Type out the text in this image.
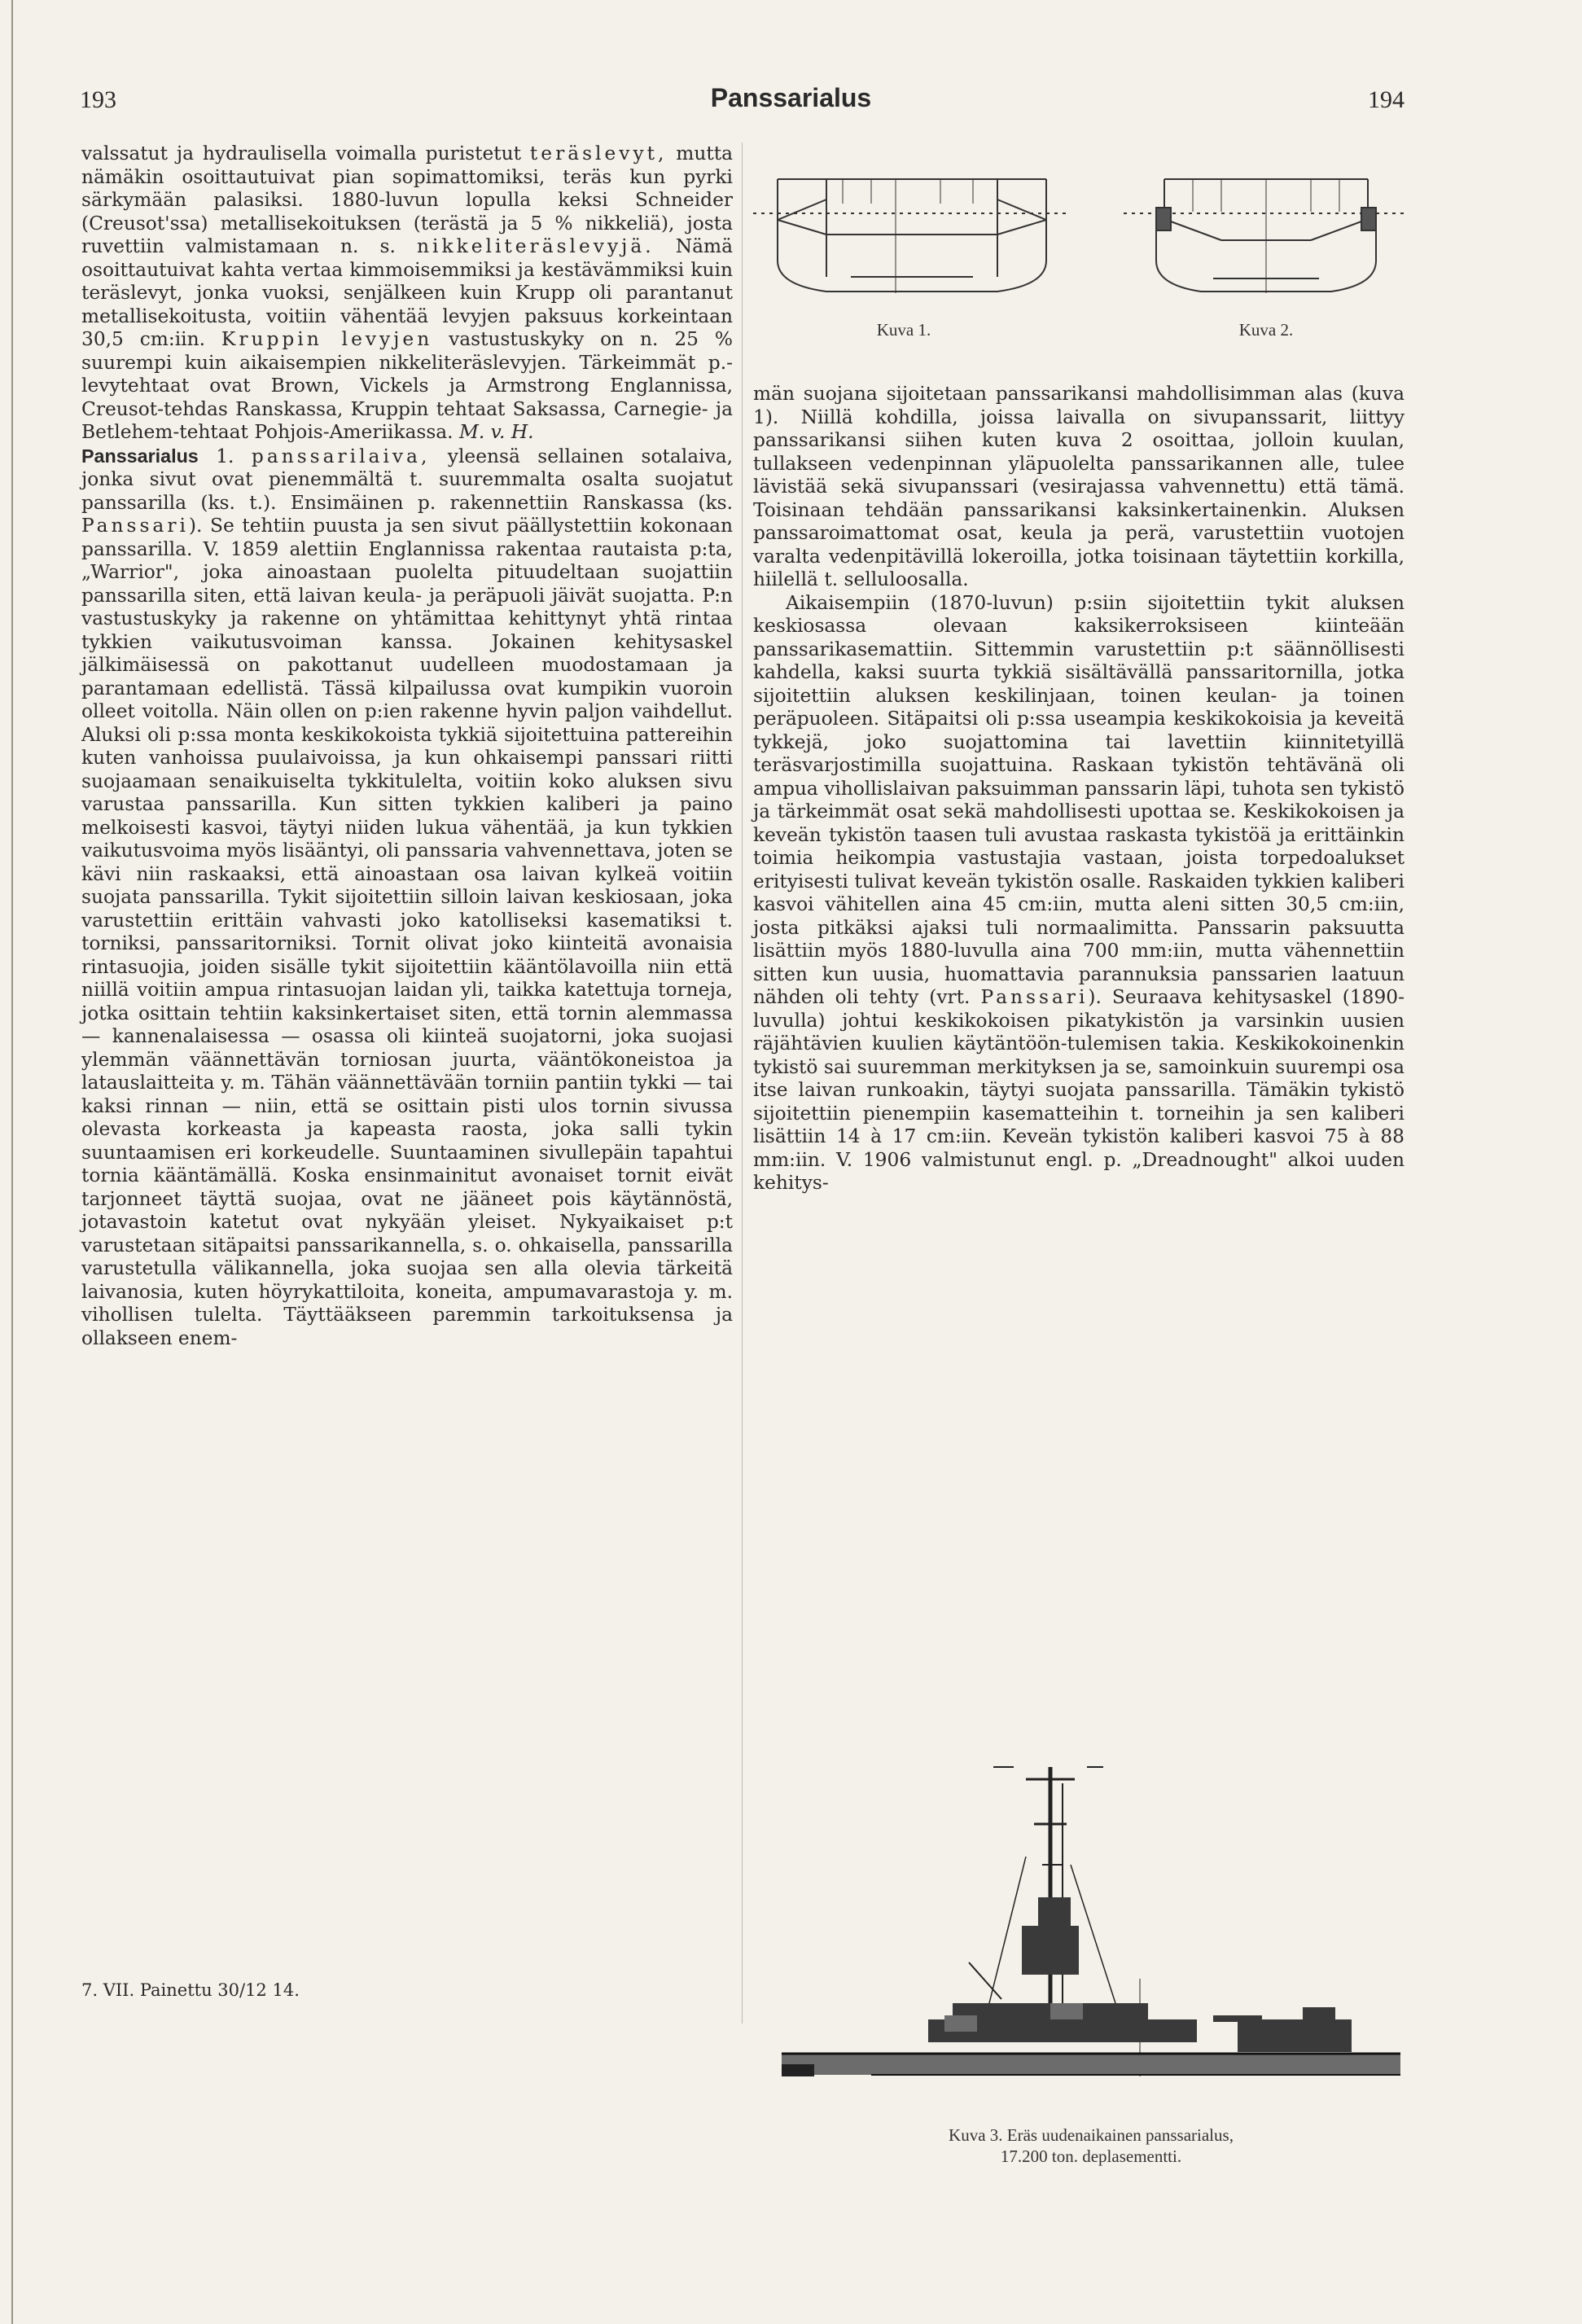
193	Panssarialus	194

valssatut ja hydraulisella voimalla puristetut teräslevyt, mutta nämäkin osoittautuivat pian sopimattomiksi, teräs kun pyrki särkymään palasiksi. 1880-luvun lopulla keksi Schneider (Creusot'ssa) metallisekoituksen (terästä ja 5 % nikkeliä), josta ruvettiin valmistamaan n. s. nikkeliteräslevyjä. Nämä osoittautuivat kahta vertaa kimmoisemmiksi ja kestävämmiksi kuin teräslevyt, jonka vuoksi, senjälkeen kuin Krupp oli parantanut metallisekoitusta, voitiin vähentää levyjen paksuus korkeintaan 30,5 cm:iin. Kruppin levyjen vastustuskyky on n. 25 % suurempi kuin aikaisempien nikkeliteräslevyjen. Tärkeimmät p.-levytehtaat ovat Brown, Vickels ja Armstrong Englannissa, Creusot-tehdas Ranskassa, Kruppin tehtaat Saksassa, Carnegie- ja Betlehem-tehtaat Pohjois-Ameriikassa. M. v. H.

Panssarialus 1. panssarilaiva, yleensä sellainen sotalaiva, jonka sivut ovat pienemmältä t. suuremmalta osalta suojatut panssarilla (ks. t.). Ensimäinen p. rakennettiin Ranskassa (ks. Panssari). Se tehtiin puusta ja sen sivut päällystettiin kokonaan panssarilla. V. 1859 alettiin Englannissa rakentaa rautaista p:ta, „Warrior", joka ainoastaan puolelta pituudeltaan suojattiin panssarilla siten, että laivan keula- ja peräpuoli jäivät suojatta. P:n vastustuskyky ja rakenne on yhtämittaa kehittynyt yhtä rintaa tykkien vaikutusvoiman kanssa. Jokainen kehitysaskel jälkimäisessä on pakottanut uudelleen muodostamaan ja parantamaan edellistä. Tässä kilpailussa ovat kumpikin vuoroin olleet voitolla. Näin ollen on p:ien rakenne hyvin paljon vaihdellut. Aluksi oli p:ssa monta keskikokoista tykkiä sijoitettuina pattereihin kuten vanhoissa puulaivoissa, ja kun ohkaisempi panssari riitti suojaamaan senaikuiselta tykkitulelta, voitiin koko aluksen sivu varustaa panssarilla. Kun sitten tykkien kaliberi ja paino melkoisesti kasvoi, täytyi niiden lukua vähentää, ja kun tykkien vaikutusvoima myös lisääntyi, oli panssaria vahvennettava, joten se kävi niin raskaaksi, että ainoastaan osa laivan kylkeä voitiin suojata panssarilla. Tykit sijoitettiin silloin laivan keskiosaan, joka varustettiin erittäin vahvasti joko katolliseksi kasematiksi t. torniksi, panssaritorniksi. Tornit olivat joko kiinteitä avonaisia rintasuojia, joiden sisälle tykit sijoitettiin kääntölavoilla niin että niillä voitiin ampua rintasuojan laidan yli, taikka katettuja torneja, jotka osittain tehtiin kaksinkertaiset siten, että tornin alemmassa — kannenalaisessa — osassa oli kiinteä suojatorni, joka suojasi ylemmän väännettävän torniosan juurta, vääntökoneistoa ja latauslaitteita y. m. Tähän väännettävään torniin pantiin tykki — tai kaksi rinnan — niin, että se osittain pisti ulos tornin sivussa olevasta korkeasta ja kapeasta raosta, joka salli tykin suuntaamisen eri korkeudelle. Suuntaaminen sivullepäin tapahtui tornia kääntämällä. Koska ensinmainitut avonaiset tornit eivät tarjonneet täyttä suojaa, ovat ne jääneet pois käytännöstä, jotavastoin katetut ovat nykyään yleiset. Nykyaikaiset p:t varustetaan sitäpaitsi panssarikannella, s. o. ohkaisella, panssarilla varustetulla välikannella, joka suojaa sen alla olevia tärkeitä laivanosia, kuten höyrykattiloita, koneita, ampumavarastoja y. m. vihollisen tulelta. Täyttääkseen paremmin tarkoituksensa ja ollakseen enem-

7. VII. Painettu 30/12 14.
Kuva 1.	Kuva 2.

män suojana sijoitetaan panssarikansi mahdollisimman alas (kuva 1). Niillä kohdilla, joissa laivalla on sivupanssarit, liittyy panssarikansi siihen kuten kuva 2 osoittaa, jolloin kuulan, tullakseen vedenpinnan yläpuolelta panssarikannen alle, tulee lävistää sekä sivupanssari (vesirajassa vahvennettu) että tämä. Toisinaan tehdään panssarikansi kaksinkertainenkin. Aluksen panssaroimattomat osat, keula ja perä, varustettiin vuotojen varalta vedenpitävillä lokeroilla, jotka toisinaan täytettiin korkilla, hiilellä t. selluloosalla.

Aikaisempiin (1870-luvun) p:siin sijoitettiin tykit aluksen keskiosassa olevaan kaksikerroksiseen kiinteään panssarikasemattiin. Sittemmin varustettiin p:t säännöllisesti kahdella, kaksi suurta tykkiä sisältävällä panssaritornilla, jotka sijoitettiin aluksen keskilinjaan, toinen keulan- ja toinen peräpuoleen. Sitäpaitsi oli p:ssa useampia keskikokoisia ja keveitä tykkejä, joko suojattomina tai lavettiin kiinnitetyillä teräsvarjostimilla suojattuina. Raskaan tykistön tehtävänä oli ampua vihollislaivan paksuimman panssarin läpi, tuhota sen tykistö ja tärkeimmät osat sekä mahdollisesti upottaa se. Keskikokoisen ja keveän tykistön taasen tuli avustaa raskasta tykistöä ja erittäinkin toimia heikompia vastustajia vastaan, joista torpedoalukset erityisesti tulivat keveän tykistön osalle. Raskaiden tykkien kaliberi kasvoi vähitellen aina 45 cm:iin, mutta aleni sitten 30,5 cm:iin, josta pitkäksi ajaksi tuli normaalimitta. Panssarin paksuutta lisättiin myös 1880-luvulla aina 700 mm:iin, mutta vähennettiin sitten kun uusia, huomattavia parannuksia panssarien laatuun nähden oli tehty (vrt. Panssari). Seuraava kehitysaskel (1890-luvulla) johtui keskikokoisen pikatykistön ja varsinkin uusien räjähtävien kuulien käytäntöön-tulemisen takia. Keskikokoinenkin tykistö sai suuremman merkityksen ja se, samoinkuin suurempi osa itse laivan runkoakin, täytyi suojata panssarilla. Tämäkin tykistö sijoitettiin pienempiin kasematteihin t. torneihin ja sen kaliberi lisättiin 14 à 17 cm:iin. Keveän tykistön kaliberi kasvoi 75 à 88 mm:iin. V. 1906 valmistunut engl. p. „Dreadnought" alkoi uuden kehitys-

Kuva 3. Eräs uudenaikainen panssarialus,
17.200 ton. deplasementti.
